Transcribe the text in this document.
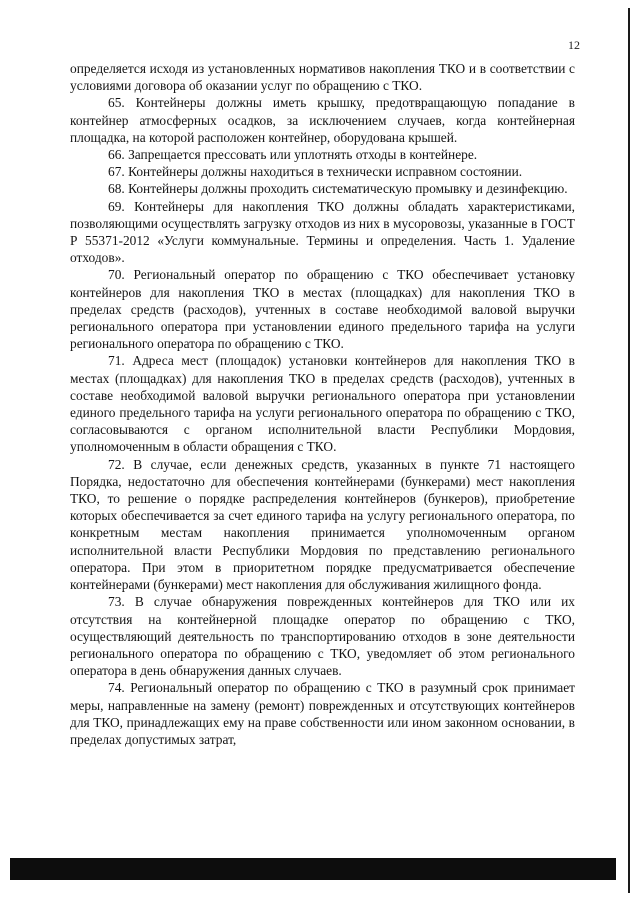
12

определяется исходя из установленных нормативов накопления ТКО и в соответствии с условиями договора об оказании услуг по обращению с ТКО.

65. Контейнеры должны иметь крышку, предотвращающую попадание в контейнер атмосферных осадков, за исключением случаев, когда контейнерная площадка, на которой расположен контейнер, оборудована крышей.

66. Запрещается прессовать или уплотнять отходы в контейнере.

67. Контейнеры должны находиться в технически исправном состоянии.

68. Контейнеры должны проходить систематическую промывку и дезинфекцию.

69. Контейнеры для накопления ТКО должны обладать характеристиками, позволяющими осуществлять загрузку отходов из них в мусоровозы, указанные в ГОСТ Р 55371-2012 «Услуги коммунальные. Термины и определения. Часть 1. Удаление отходов».

70. Региональный оператор по обращению с ТКО обеспечивает установку контейнеров для накопления ТКО в местах (площадках) для накопления ТКО в пределах средств (расходов), учтенных в составе необходимой валовой выручки регионального оператора при установлении единого предельного тарифа на услуги регионального оператора по обращению с ТКО.

71. Адреса мест (площадок) установки контейнеров для накопления ТКО в местах (площадках) для накопления ТКО в пределах средств (расходов), учтенных в составе необходимой валовой выручки регионального оператора при установлении единого предельного тарифа на услуги регионального оператора по обращению с ТКО, согласовываются с органом исполнительной власти Республики Мордовия, уполномоченным в области обращения с ТКО.

72. В случае, если денежных средств, указанных в пункте 71 настоящего Порядка, недостаточно для обеспечения контейнерами (бункерами) мест накопления ТКО, то решение о порядке распределения контейнеров (бункеров), приобретение которых обеспечивается за счет единого тарифа на услугу регионального оператора, по конкретным местам накопления принимается уполномоченным органом исполнительной власти Республики Мордовия по представлению регионального оператора. При этом в приоритетном порядке предусматривается обеспечение контейнерами (бункерами) мест накопления для обслуживания жилищного фонда.

73. В случае обнаружения поврежденных контейнеров для ТКО или их отсутствия на контейнерной площадке оператор по обращению с ТКО, осуществляющий деятельность по транспортированию отходов в зоне деятельности регионального оператора по обращению с ТКО, уведомляет об этом регионального оператора в день обнаружения данных случаев.

74. Региональный оператор по обращению с ТКО в разумный срок принимает меры, направленные на замену (ремонт) поврежденных и отсутствующих контейнеров для ТКО, принадлежащих ему на праве собственности или ином законном основании, в пределах допустимых затрат,
